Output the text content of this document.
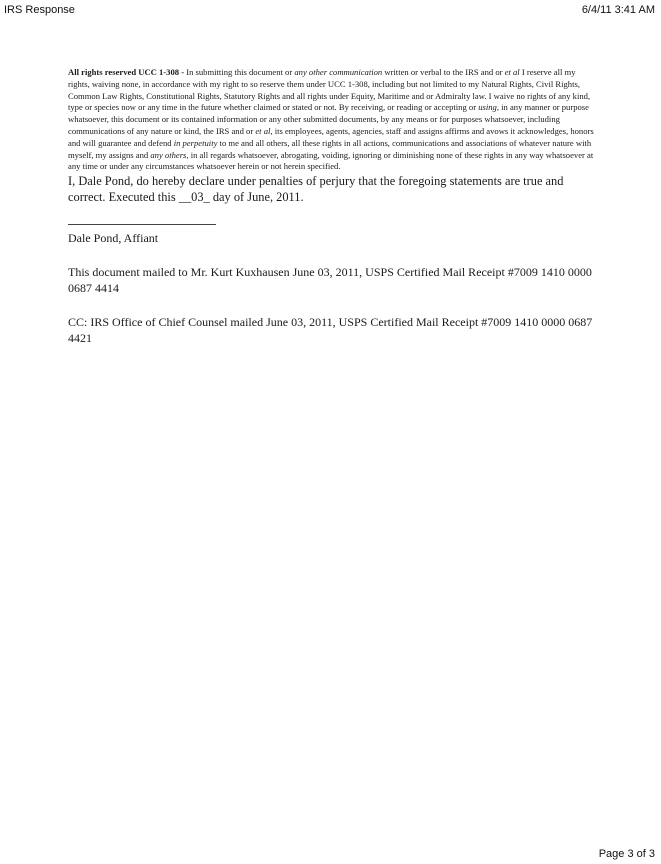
IRS Response	6/4/11 3:41 AM

All rights reserved UCC 1-308 - In submitting this document or any other communication written or verbal to the IRS and or et al I reserve all my rights, waiving none, in accordance with my right to so reserve them under UCC 1-308, including but not limited to my Natural Rights, Civil Rights, Common Law Rights, Constitutional Rights, Statutory Rights and all rights under Equity, Maritime and or Admiralty law. I waive no rights of any kind, type or species now or any time in the future whether claimed or stated or not. By receiving, or reading or accepting or using, in any manner or purpose whatsoever, this document or its contained information or any other submitted documents, by any means or for purposes whatsoever, including communications of any nature or kind, the IRS and or et al, its employees, agents, agencies, staff and assigns affirms and avows it acknowledges, honors and will guarantee and defend in perpetuity to me and all others, all these rights in all actions, communications and associations of whatever nature with myself, my assigns and any others, in all regards whatsoever, abrogating, voiding, ignoring or diminishing none of these rights in any way whatsoever at any time or under any circumstances whatsoever herein or not herein specified.

I, Dale Pond, do hereby declare under penalties of perjury that the foregoing statements are true and correct. Executed this __03_ day of June, 2011.

Dale Pond, Affiant
This document mailed to Mr. Kurt Kuxhausen June 03, 2011, USPS Certified Mail Receipt #7009 1410 0000 0687 4414
CC: IRS Office of Chief Counsel mailed June 03, 2011, USPS Certified Mail Receipt #7009 1410 0000 0687 4421
Page 3 of 3
